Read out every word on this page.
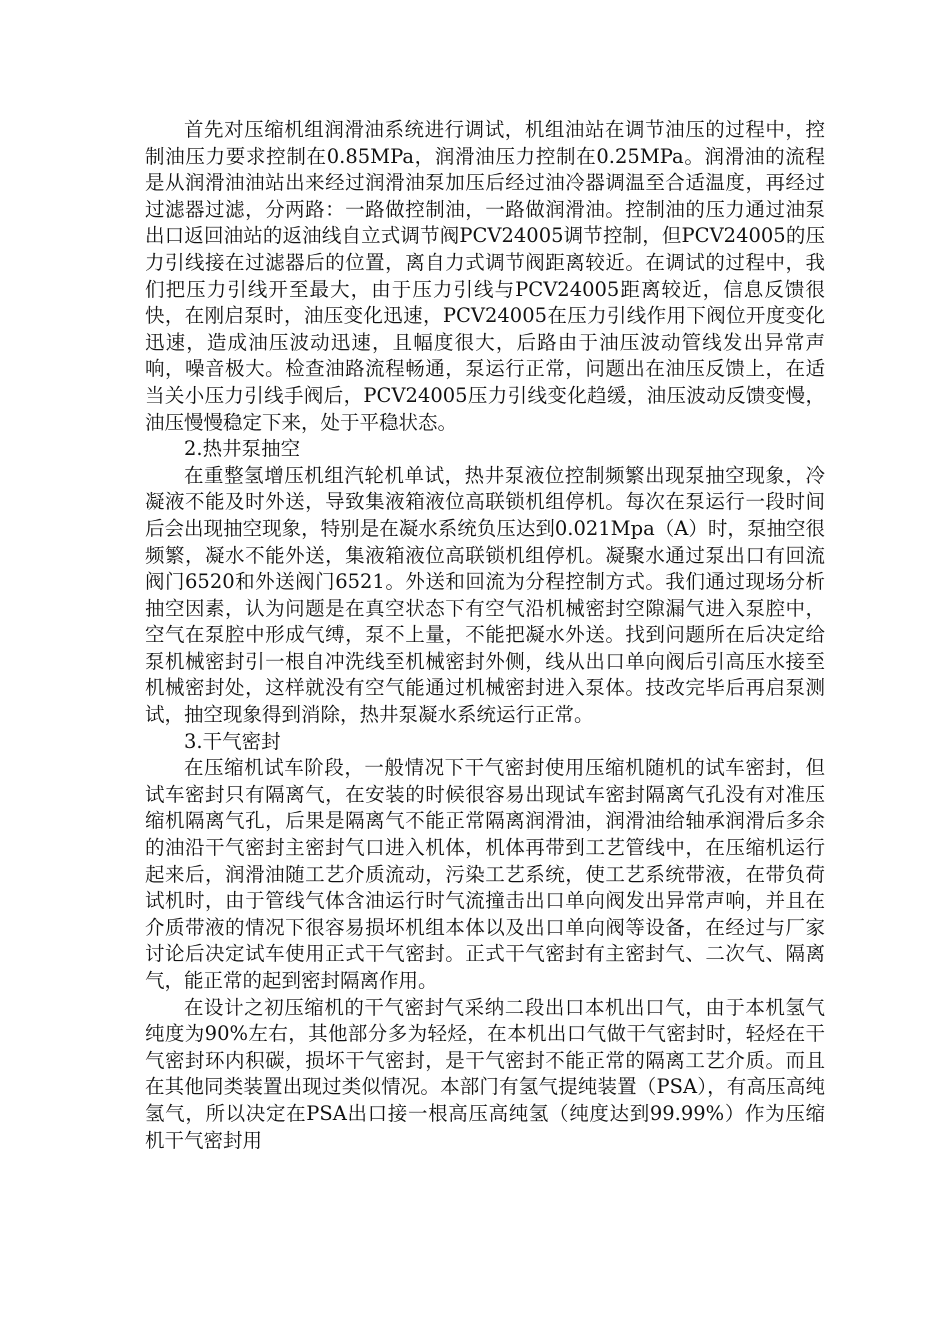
首先对压缩机组润滑油系统进行调试，机组油站在调节油压的过程中，控制油压力要求控制在0.85MPa，润滑油压力控制在0.25MPa。润滑油的流程是从润滑油油站出来经过润滑油泵加压后经过油冷器调温至合适温度，再经过过滤器过滤，分两路：一路做控制油，一路做润滑油。控制油的压力通过油泵出口返回油站的返油线自立式调节阀PCV24005调节控制，但PCV24005的压力引线接在过滤器后的位置，离自力式调节阀距离较近。在调试的过程中，我们把压力引线开至最大，由于压力引线与PCV24005距离较近，信息反馈很快，在刚启泵时，油压变化迅速，PCV24005在压力引线作用下阀位开度变化迅速，造成油压波动迅速，且幅度很大，后路由于油压波动管线发出异常声响，噪音极大。检查油路流程畅通，泵运行正常，问题出在油压反馈上，在适当关小压力引线手阀后，PCV24005压力引线变化趋缓，油压波动反馈变慢，油压慢慢稳定下来，处于平稳状态。

2.热井泵抽空

在重整氢增压机组汽轮机单试，热井泵液位控制频繁出现泵抽空现象，冷凝液不能及时外送，导致集液箱液位高联锁机组停机。每次在泵运行一段时间后会出现抽空现象，特别是在凝水系统负压达到0.021Mpa（A）时，泵抽空很频繁，凝水不能外送，集液箱液位高联锁机组停机。凝聚水通过泵出口有回流阀门6520和外送阀门6521。外送和回流为分程控制方式。我们通过现场分析抽空因素，认为问题是在真空状态下有空气沿机械密封空隙漏气进入泵腔中，空气在泵腔中形成气缚，泵不上量，不能把凝水外送。找到问题所在后决定给泵机械密封引一根自冲洗线至机械密封外侧，线从出口单向阀后引高压水接至机械密封处，这样就没有空气能通过机械密封进入泵体。技改完毕后再启泵测试，抽空现象得到消除，热井泵凝水系统运行正常。

3.干气密封

在压缩机试车阶段，一般情况下干气密封使用压缩机随机的试车密封，但试车密封只有隔离气，在安装的时候很容易出现试车密封隔离气孔没有对准压缩机隔离气孔，后果是隔离气不能正常隔离润滑油，润滑油给轴承润滑后多余的油沿干气密封主密封气口进入机体，机体再带到工艺管线中，在压缩机运行起来后，润滑油随工艺介质流动，污染工艺系统，使工艺系统带液，在带负荷试机时，由于管线气体含油运行时气流撞击出口单向阀发出异常声响，并且在介质带液的情况下很容易损坏机组本体以及出口单向阀等设备，在经过与厂家讨论后决定试车使用正式干气密封。正式干气密封有主密封气、二次气、隔离气，能正常的起到密封隔离作用。

在设计之初压缩机的干气密封气采纳二段出口本机出口气，由于本机氢气纯度为90%左右，其他部分多为轻烃，在本机出口气做干气密封时，轻烃在干气密封环内积碳，损坏干气密封，是干气密封不能正常的隔离工艺介质。而且在其他同类装置出现过类似情况。本部门有氢气提纯装置（PSA），有高压高纯氢气，所以决定在PSA出口接一根高压高纯氢（纯度达到99.99%）作为压缩机干气密封用
